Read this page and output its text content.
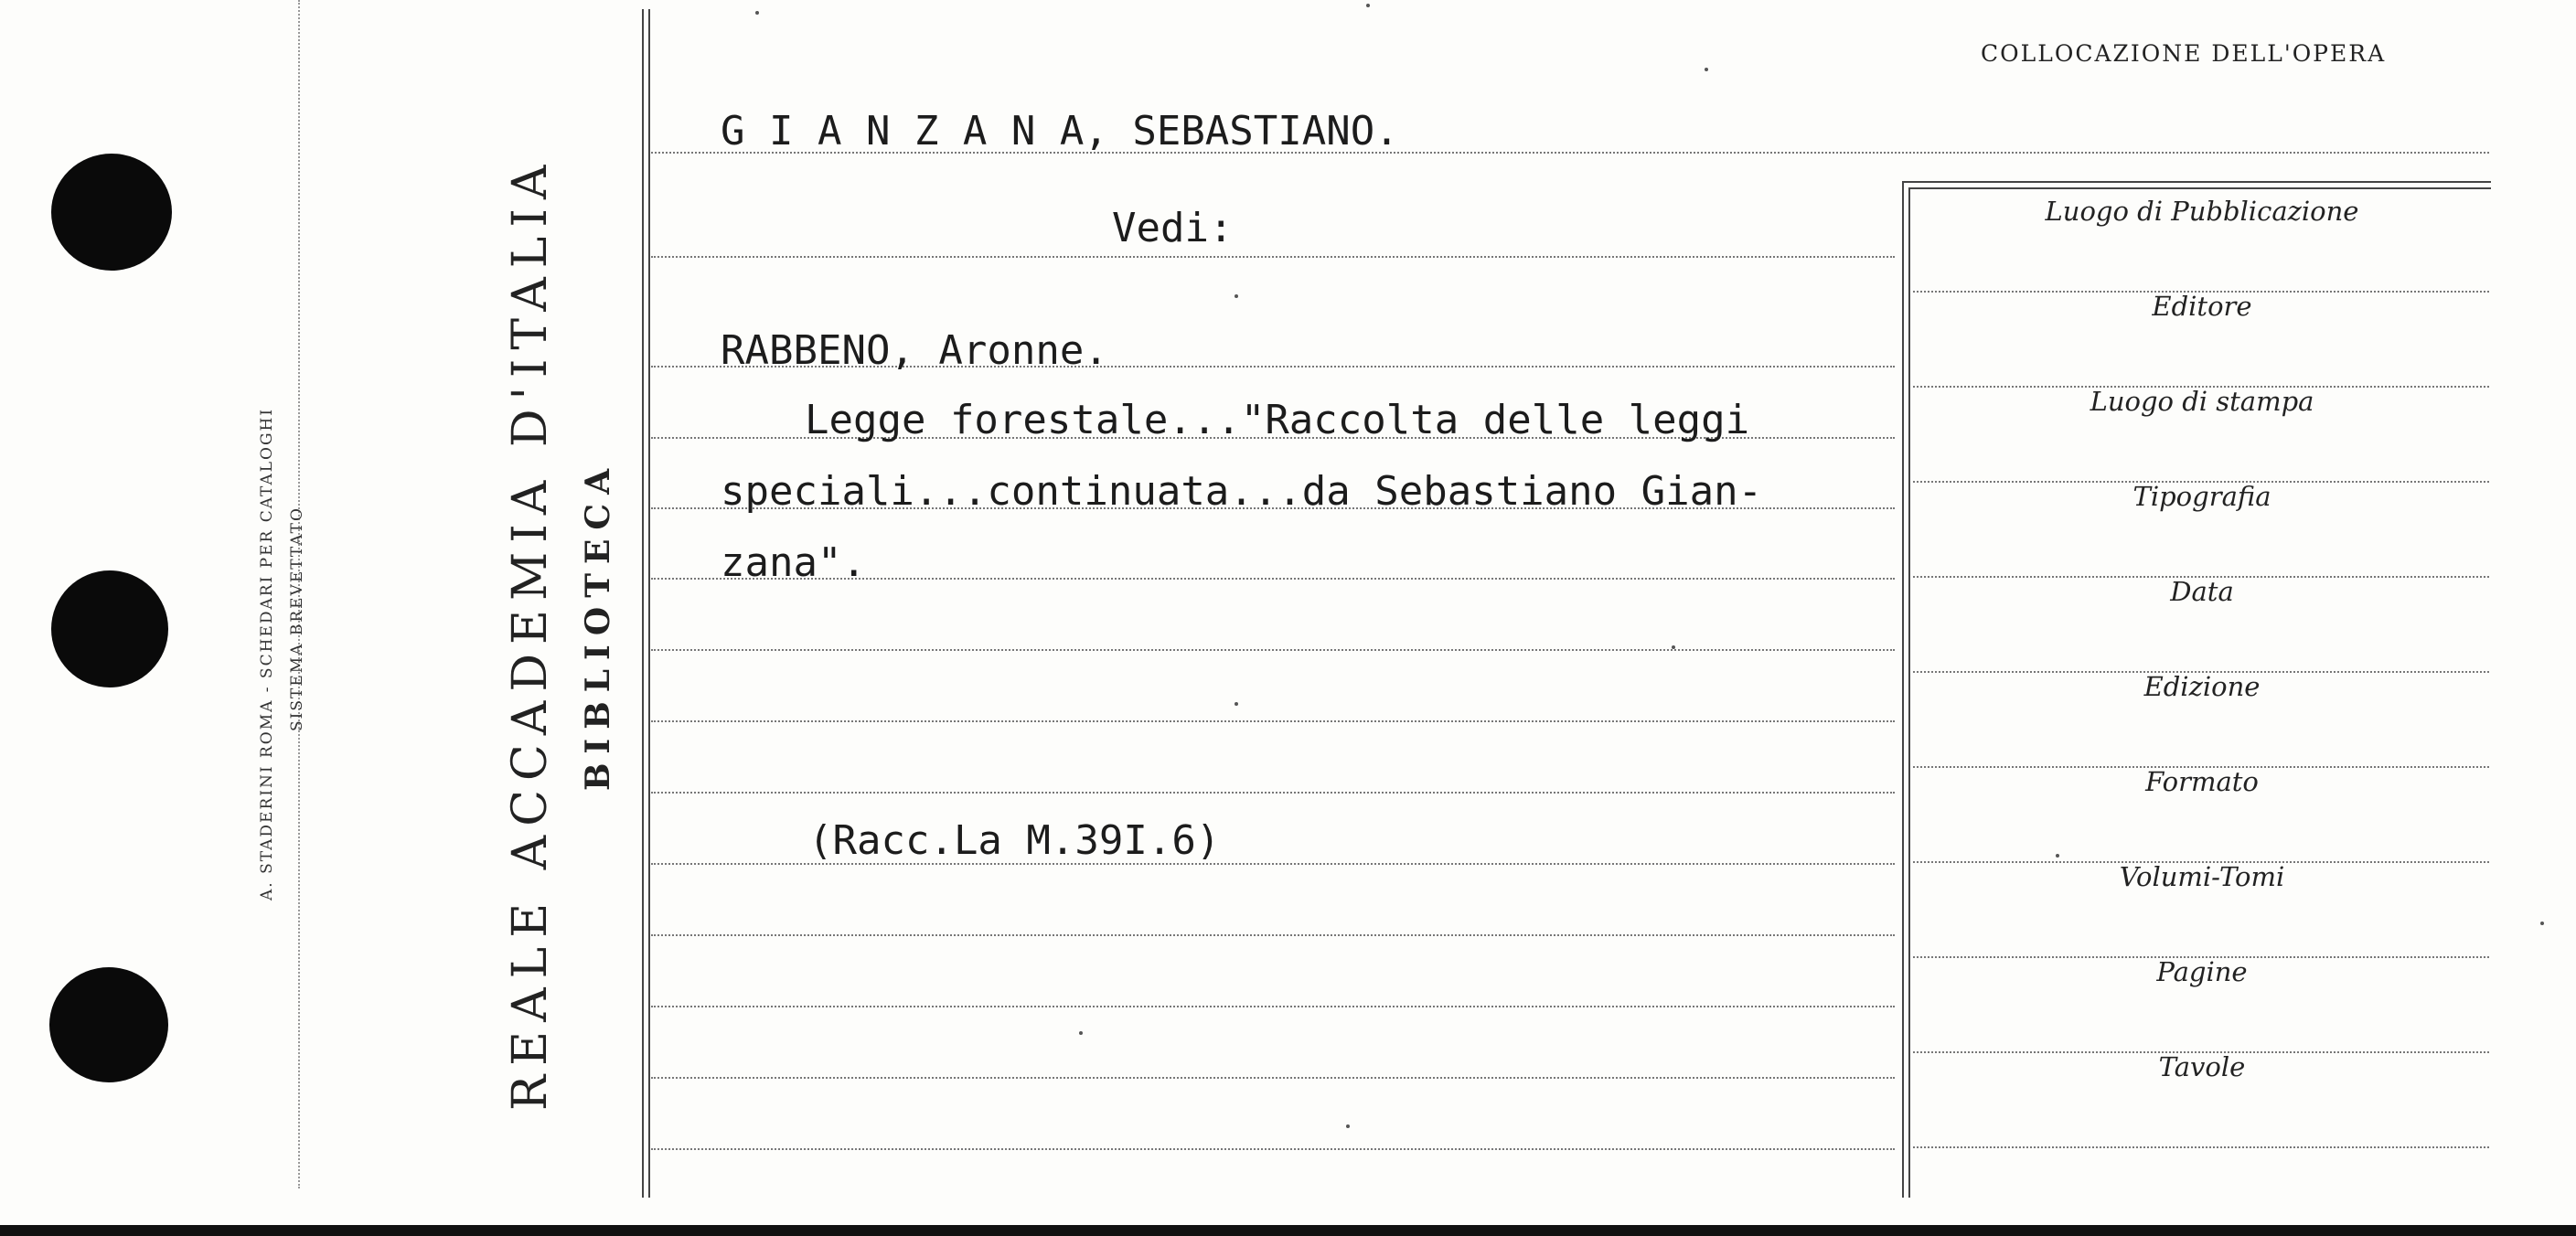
A. STADERINI ROMA - SCHEDARI PER CATALOGHI SISTEMA BREVETTATO	REALE ACCADEMIA D'ITALIA BIBLIOTECA
COLLOCAZIONE DELL'OPERA
G I A N Z A N A, SEBASTIANO.
Vedi:
RABBENO, Aronne.
Legge forestale..."Raccolta delle leggi
speciali...continuata...da Sebastiano Gian-
zana".
(Racc.La M.39I.6)
Luogo di Pubblicazione
Editore
Luogo di stampa
Tipografia
Data
Edizione
Formato
Volumi-Tomi
Pagine
Tavole
